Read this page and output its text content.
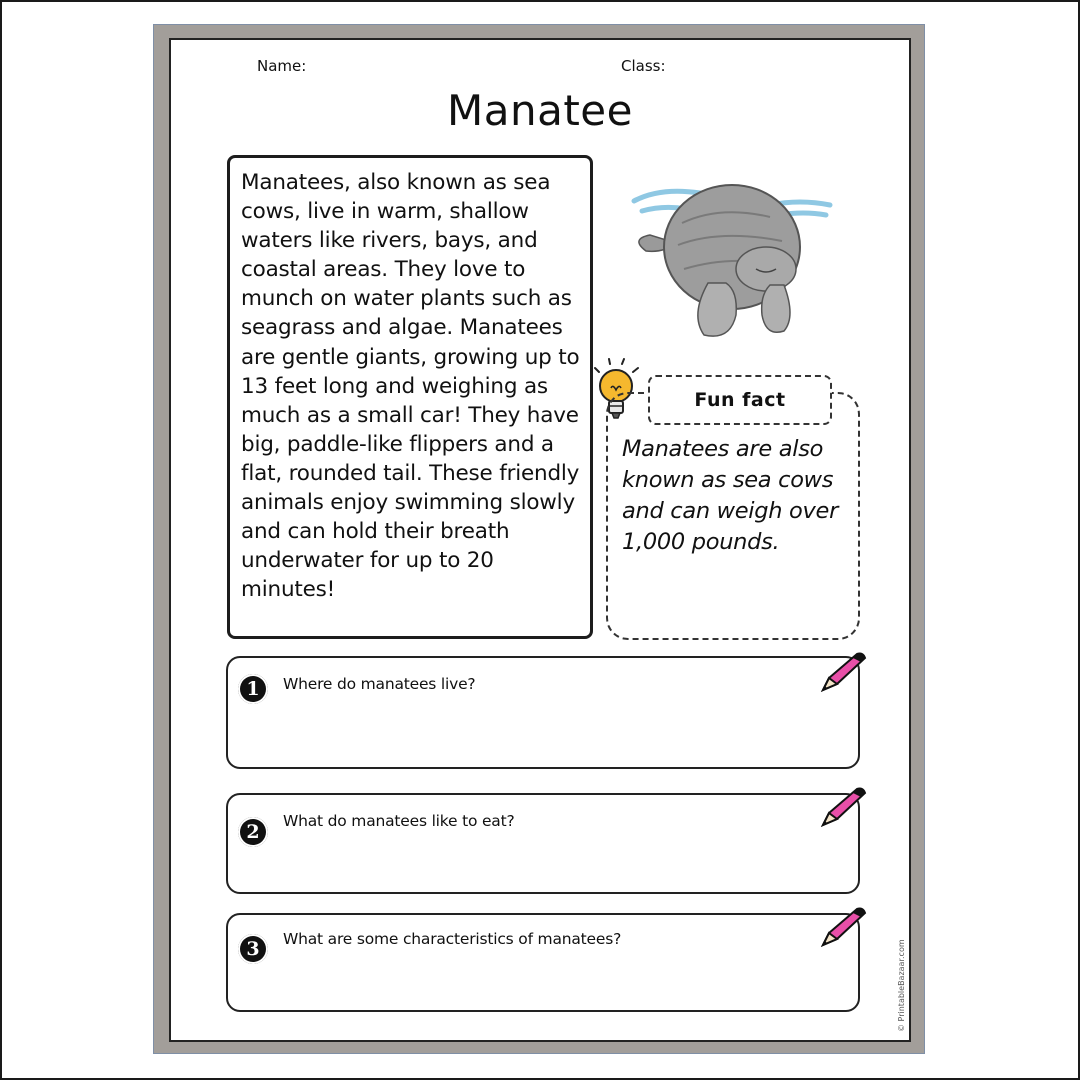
Name:	Class:
Manatee

Manatees, also known as sea cows, live in warm, shallow waters like rivers, bays, and coastal areas. They love to munch on water plants such as seagrass and algae. Manatees are gentle giants, growing up to 13 feet long and weighing as much as a small car! They have big, paddle-like flippers and a flat, rounded tail. These friendly animals enjoy swimming slowly and can hold their breath underwater for up to 20 minutes!

Fun fact

Manatees are also known as sea cows and can weigh over 1,000 pounds.

1	Where do manatees live?
2	What do manatees like to eat?
3	What are some characteristics of manatees?
© PrintableBazaar.com
